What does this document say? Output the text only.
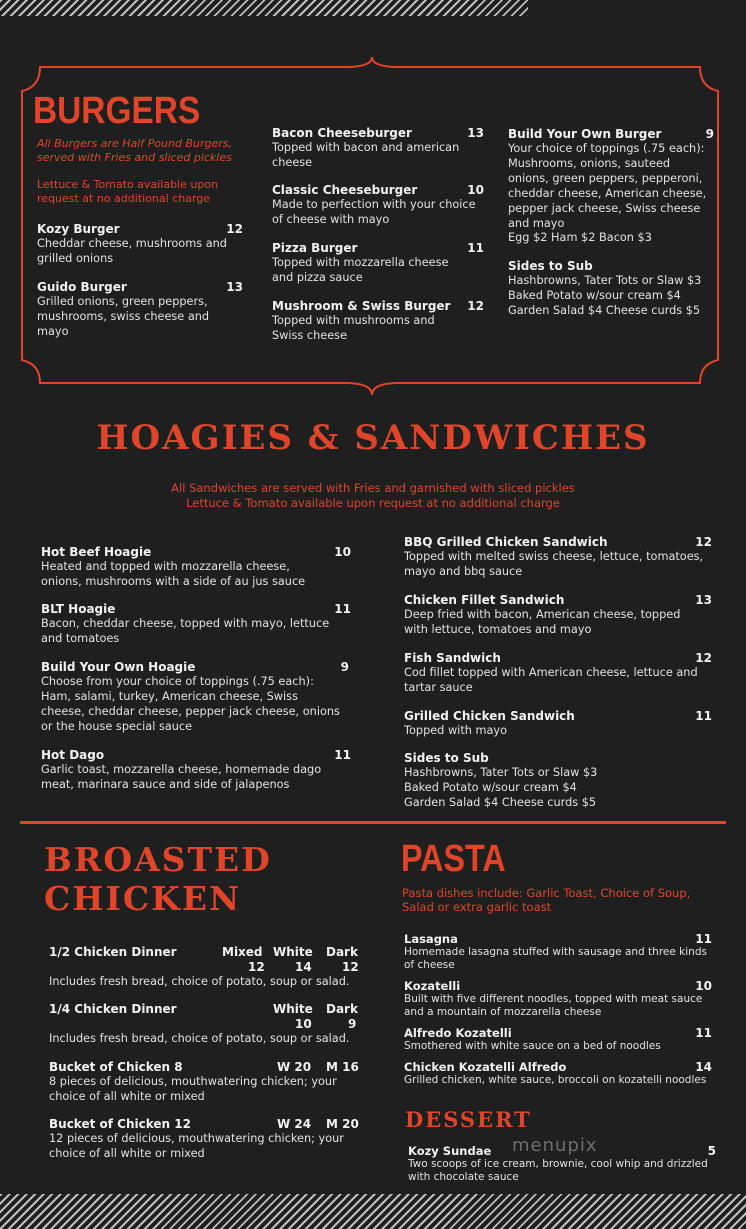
BURGERS
All Burgers are Half Pound Burgers, served with Fries and sliced pickles
Lettuce & Tomato available upon request at no additional charge
Kozy Burger	12
Cheddar cheese, mushrooms and grilled onions
Guido Burger	13
Grilled onions, green peppers, mushrooms, swiss cheese and mayo
Bacon Cheeseburger	13
Topped with bacon and american cheese
Classic Cheeseburger	10
Made to perfection with your choice of cheese with mayo
Pizza Burger	11
Topped with mozzarella cheese and pizza sauce
Mushroom & Swiss Burger	12
Topped with mushrooms and Swiss cheese
Build Your Own Burger	9
Your choice of toppings (.75 each): Mushrooms, onions, sauteed onions, green peppers, pepperoni, cheddar cheese, American cheese, pepper jack cheese, Swiss cheese and mayo
Egg $2 Ham $2 Bacon $3
Sides to Sub
Hashbrowns, Tater Tots or Slaw $3
Baked Potato w/sour cream $4
Garden Salad $4 Cheese curds $5
HOAGIES & SANDWICHES
All Sandwiches are served with Fries and garnished with sliced pickles
Lettuce & Tomato available upon request at no additional charge
Hot Beef Hoagie	10
Heated and topped with mozzarella cheese, onions, mushrooms with a side of au jus sauce
BLT Hoagie	11
Bacon, cheddar cheese, topped with mayo, lettuce and tomatoes
Build Your Own Hoagie	9
Choose from your choice of toppings (.75 each): Ham, salami, turkey, American cheese, Swiss cheese, cheddar cheese, pepper jack cheese, onions or the house special sauce
Hot Dago	11
Garlic toast, mozzarella cheese, homemade dago meat, marinara sauce and side of jalapenos
BBQ Grilled Chicken Sandwich	12
Topped with melted swiss cheese, lettuce, tomatoes, mayo and bbq sauce
Chicken Fillet Sandwich	13
Deep fried with bacon, American cheese, topped with lettuce, tomatoes and mayo
Fish Sandwich	12
Cod fillet topped with American cheese, lettuce and tartar sauce
Grilled Chicken Sandwich	11
Topped with mayo
Sides to Sub
Hashbrowns, Tater Tots or Slaw $3
Baked Potato w/sour cream $4
Garden Salad $4 Cheese curds $5
BROASTED
CHICKEN
1/2 Chicken Dinner	Mixed White Dark
12	14	12
Includes fresh bread, choice of potato, soup or salad.
1/4 Chicken Dinner	White Dark
10	9
Includes fresh bread, choice of potato, soup or salad.
Bucket of Chicken 8	W 20 M 16
8 pieces of delicious, mouthwatering chicken; your choice of all white or mixed
Bucket of Chicken 12	W 24 M 20
12 pieces of delicious, mouthwatering chicken; your choice of all white or mixed
PASTA
Pasta dishes include: Garlic Toast, Choice of Soup, Salad or extra garlic toast
Lasagna	11
Homemade lasagna stuffed with sausage and three kinds of cheese
Kozatelli	10
Built with five different noodles, topped with meat sauce and a mountain of mozzarella cheese
Alfredo Kozatelli	11
Smothered with white sauce on a bed of noodles
Chicken Kozatelli Alfredo	14
Grilled chicken, white sauce, broccoli on kozatelli noodles
DESSERT
Kozy Sundae	5
Two scoops of ice cream, brownie, cool whip and drizzled with chocolate sauce
menupix
